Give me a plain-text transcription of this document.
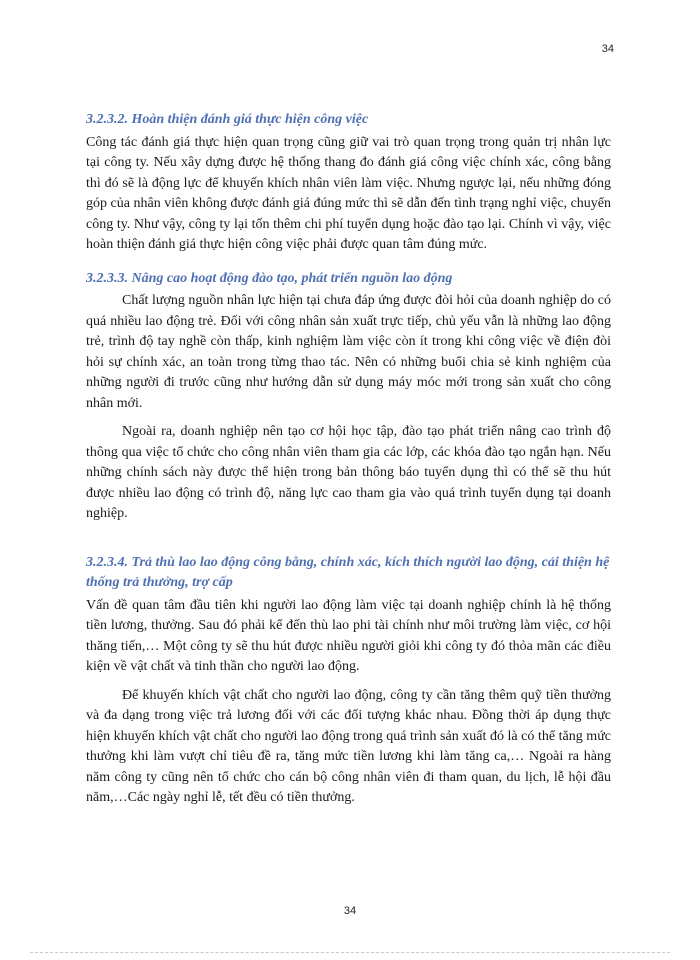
34

3.2.3.2. Hoàn thiện đánh giá thực hiện công việc

Công tác đánh giá thực hiện quan trọng cũng giữ vai trò quan trọng trong quản trị nhân lực tại công ty. Nếu xây dựng được hệ thống thang đo đánh giá công việc chính xác, công bằng thì đó sẽ là động lực để khuyến khích nhân viên làm việc. Nhưng ngược lại, nếu những đóng góp của nhân viên không được đánh giá đúng mức thì sẽ dẫn đến tình trạng nghỉ việc, chuyển công ty. Như vậy, công ty lại tốn thêm chi phí tuyển dụng hoặc đào tạo lại. Chính vì vậy, việc hoàn thiện đánh giá thực hiện công việc phải được quan tâm đúng mức.

3.2.3.3. Nâng cao hoạt động đào tạo, phát triển nguồn lao động

Chất lượng nguồn nhân lực hiện tại chưa đáp ứng được đòi hỏi của doanh nghiệp do có quá nhiều lao động trẻ. Đối với công nhân sản xuất trực tiếp, chủ yếu vẫn là những lao động trẻ, trình độ tay nghề còn thấp, kinh nghiệm làm việc còn ít trong khi công việc về điện đòi hỏi sự chính xác, an toàn trong từng thao tác. Nên có những buổi chia sẻ kinh nghiệm của những người đi trước cũng như hướng dẫn sử dụng máy móc mới trong sản xuất cho công nhân mới.

Ngoài ra, doanh nghiệp nên tạo cơ hội học tập, đào tạo phát triển nâng cao trình độ thông qua việc tổ chức cho công nhân viên tham gia các lớp, các khóa đào tạo ngắn hạn. Nếu những chính sách này được thể hiện trong bản thông báo tuyển dụng thì có thể sẽ thu hút được nhiều lao động có trình độ, năng lực cao tham gia vào quá trình tuyển dụng tại doanh nghiệp.

3.2.3.4. Trả thù lao lao động công bằng, chính xác, kích thích người lao động, cải thiện hệ thống trả thưởng, trợ cấp

Vấn đề quan tâm đầu tiên khi người lao động làm việc tại doanh nghiệp chính là hệ thống tiền lương, thưởng. Sau đó phải kể đến thù lao phi tài chính như môi trường làm việc, cơ hội thăng tiến,… Một công ty sẽ thu hút được nhiều người giỏi khi công ty đó thỏa mãn các điều kiện về vật chất và tinh thần cho người lao động.

Để khuyến khích vật chất cho người lao động, công ty cần tăng thêm quỹ tiền thưởng và đa dạng trong việc trả lương đối với các đối tượng khác nhau. Đồng thời áp dụng thực hiện khuyến khích vật chất cho người lao động trong quá trình sản xuất đó là có thể tăng mức thưởng khi làm vượt chỉ tiêu đề ra, tăng mức tiền lương khi làm tăng ca,… Ngoài ra hàng năm công ty cũng nên tổ chức cho cán bộ công nhân viên đi tham quan, du lịch, lễ hội đầu năm,…Các ngày nghỉ lễ, tết đều có tiền thưởng.

34
